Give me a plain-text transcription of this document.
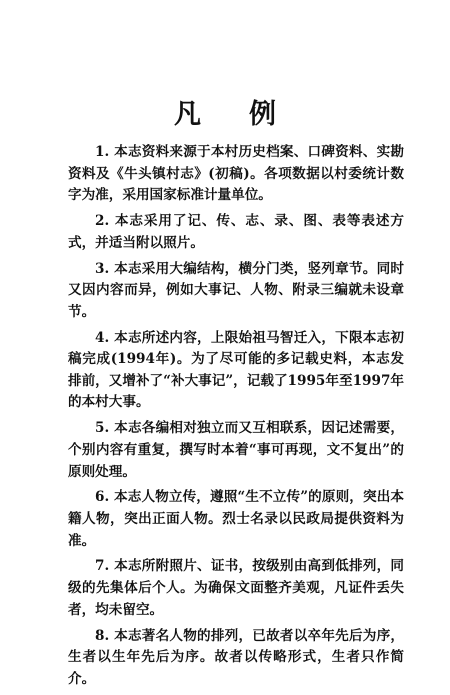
凡例

1. 本志资料来源于本村历史档案、口碑资料、实勘资料及《牛头镇村志》(初稿)。各项数据以村委统计数字为准，采用国家标准计量单位。

2. 本志采用了记、传、志、录、图、表等表述方式，并适当附以照片。

3. 本志采用大编结构，横分门类，竖列章节。同时又因内容而异，例如大事记、人物、附录三编就未设章节。

4. 本志所述内容，上限始祖马智迁入，下限本志初稿完成(1994年)。为了尽可能的多记载史料，本志发排前，又增补了“补大事记”，记载了1995年至1997年的本村大事。

5. 本志各编相对独立而又互相联系，因记述需要，个别内容有重复，撰写时本着“事可再现，文不复出”的原则处理。

6. 本志人物立传，遵照“生不立传”的原则，突出本籍人物，突出正面人物。烈士名录以民政局提供资料为准。

7. 本志所附照片、证书，按级别由高到低排列，同级的先集体后个人。为确保文面整齐美观，凡证件丢失者，均未留空。

8. 本志著名人物的排列，已故者以卒年先后为序，生者以生年先后为序。故者以传略形式，生者只作简介。
